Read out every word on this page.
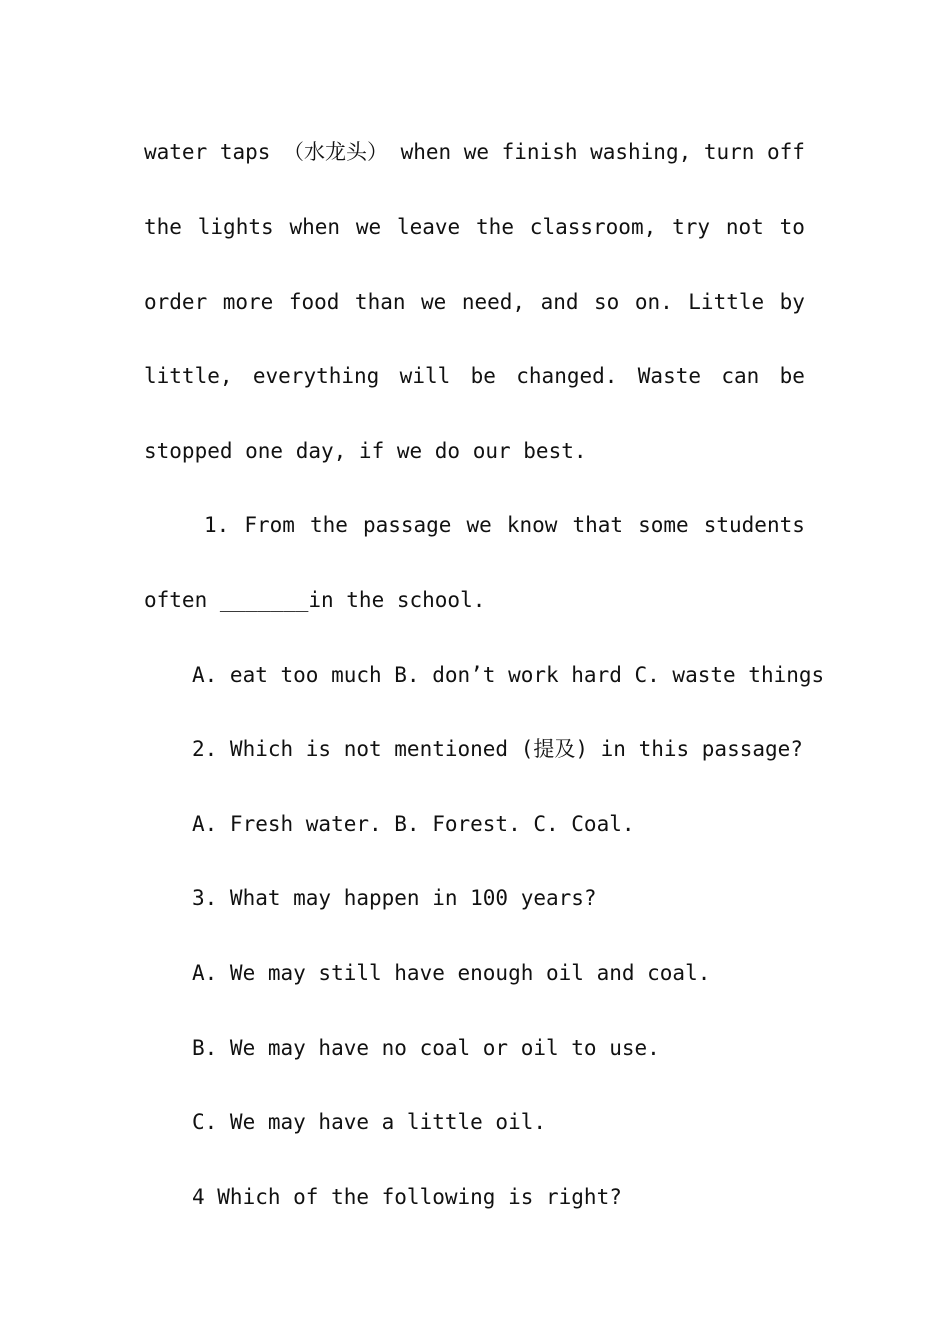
water taps （水龙头） when we finish washing, turn off
the lights when we leave the classroom, try not to
order more food than we need, and so on. Little by
little, everything will be changed. Waste can be
stopped one day, if we do our best.
1. From the passage we know that some students
often _______in the school.
A. eat too much B. don’t work hard C. waste things
2. Which is not mentioned (提及) in this passage?
A. Fresh water. B. Forest. C. Coal.
3. What may happen in 100 years?
A. We may still have enough oil and coal.
B. We may have no coal or oil to use.
C. We may have a little oil.
4 Which of the following is right?
